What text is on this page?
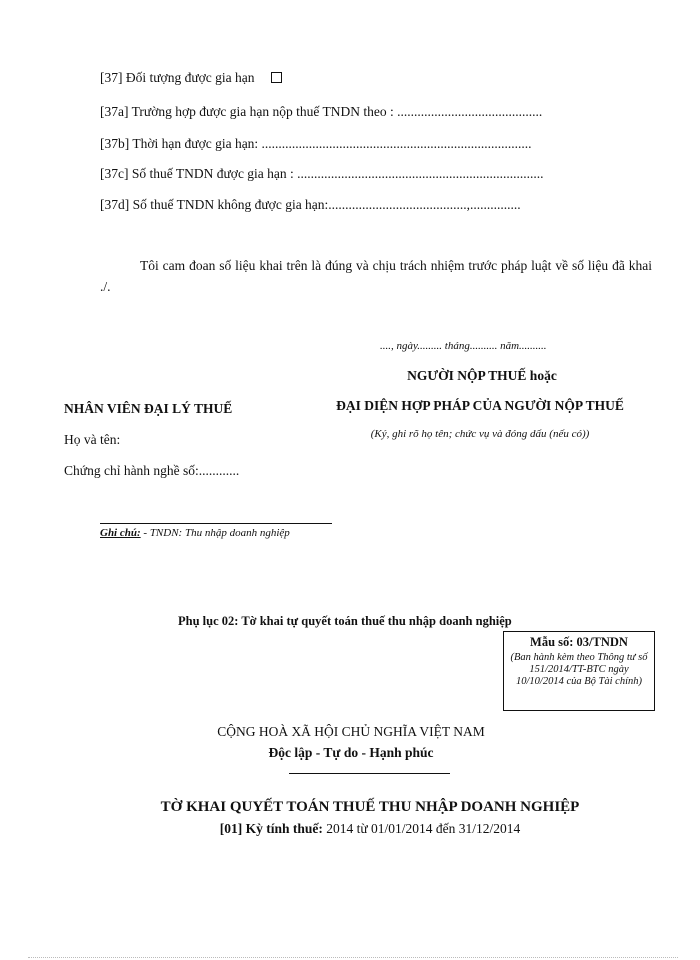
[37] Đối tượng được gia hạn
[37a] Trường hợp được gia hạn nộp thuế TNDN theo : ...........................................
[37b] Thời hạn được gia hạn: ................................................................................
[37c] Số thuế TNDN được gia hạn : .........................................................................
[37d] Số thuế TNDN không được gia hạn:.........................................,...............
Tôi cam đoan số liệu khai trên là đúng và chịu trách nhiệm trước pháp luật về số liệu đã khai ./.
...., ngày......... tháng.......... năm..........
NGƯỜI NỘP THUẾ hoặc
ĐẠI DIỆN HỢP PHÁP CỦA NGƯỜI NỘP THUẾ
(Ký, ghi rõ họ tên; chức vụ và đóng dấu (nếu có))
NHÂN VIÊN ĐẠI LÝ THUẾ
Họ và tên:
Chứng chỉ hành nghề số:............
Ghi chú: - TNDN: Thu nhập doanh nghiệp
Phụ lục 02: Tờ khai tự quyết toán thuế thu nhập doanh nghiệp
Mẫu số: 03/TNDN
(Ban hành kèm theo Thông tư số 151/2014/TT-BTC ngày 10/10/2014 của Bộ Tài chính)
CỘNG HOÀ XÃ HỘI CHỦ NGHĨA VIỆT NAM
Độc lập - Tự do - Hạnh phúc
TỜ KHAI QUYẾT TOÁN THUẾ THU NHẬP DOANH NGHIỆP
[01] Kỳ tính thuế: 2014 từ 01/01/2014 đến 31/12/2014
